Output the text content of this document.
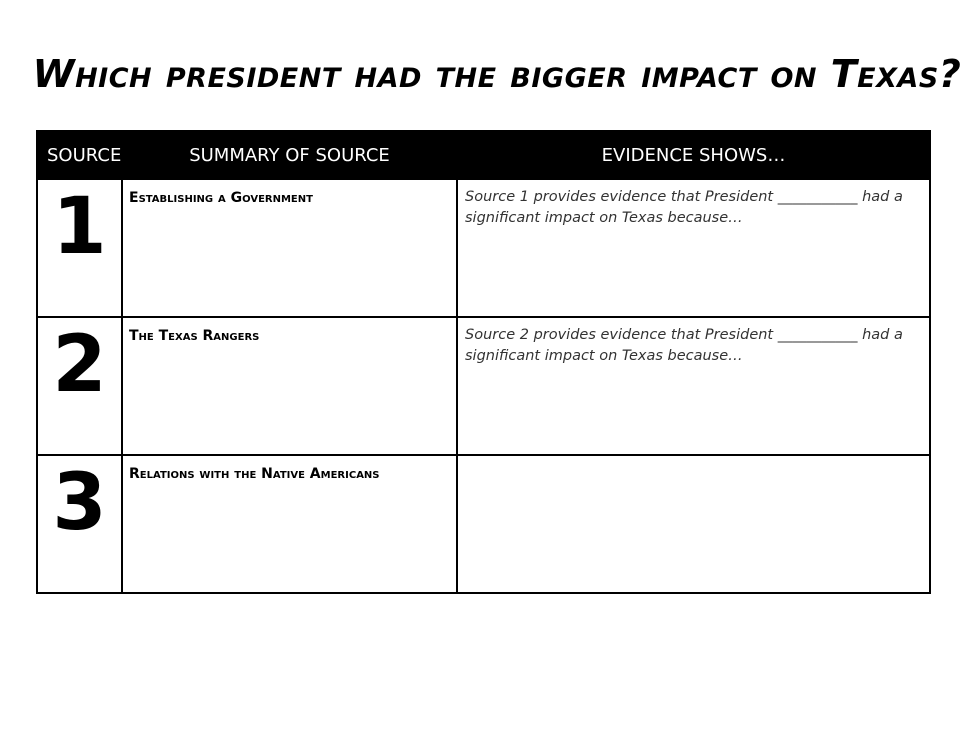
Which president had the bigger impact on Texas?
SOURCE	SUMMARY OF SOURCE	EVIDENCE SHOWS…

1	Establishing a Government	Source 1 provides evidence that President ___________ had a significant impact on Texas because…

2	The Texas Rangers	Source 2 provides evidence that President ___________ had a significant impact on Texas because…

3	Relations with the Native Americans	
